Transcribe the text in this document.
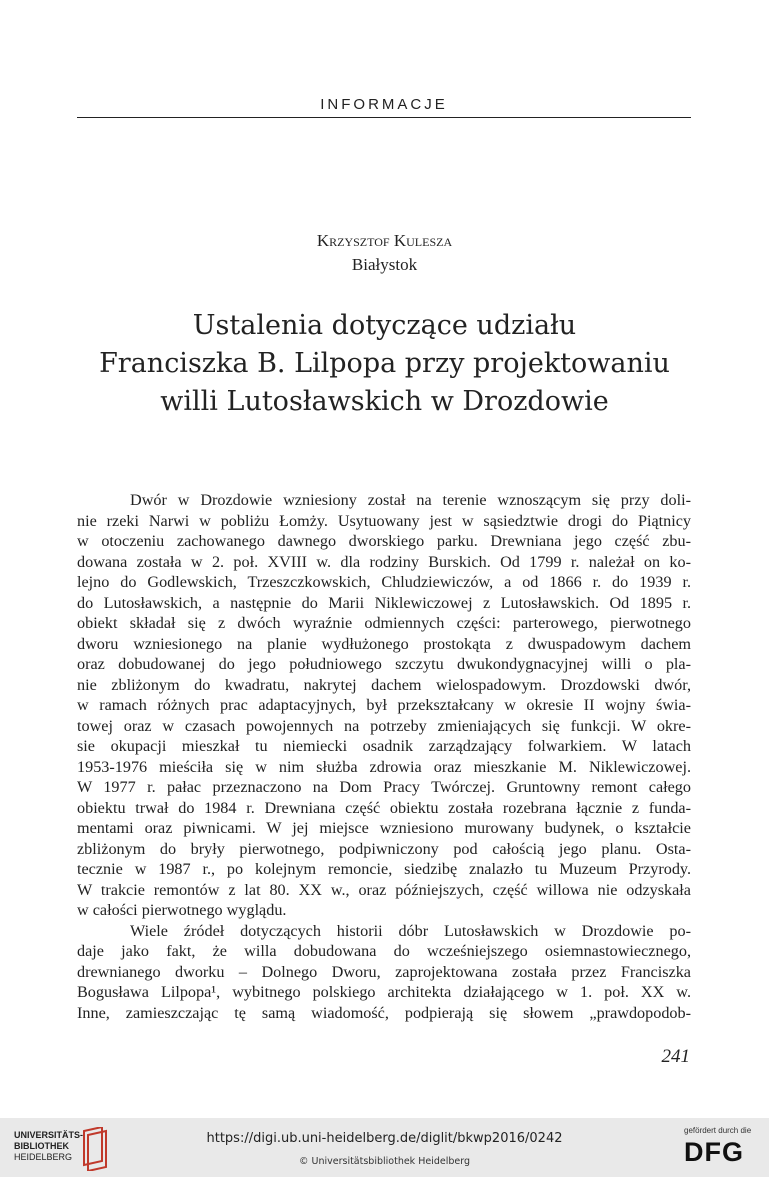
INFORMACJE
Krzysztof Kulesza
Białystok
Ustalenia dotyczące udziału
Franciszka B. Lilpopa przy projektowaniu
willi Lutosławskich w Drozdowie
Dwór w Drozdowie wzniesiony został na terenie wznoszącym się przy doli-
nie rzeki Narwi w pobliżu Łomży. Usytuowany jest w sąsiedztwie drogi do Piątnicy
w otoczeniu zachowanego dawnego dworskiego parku. Drewniana jego część zbu-
dowana została w 2. poł. XVIII w. dla rodziny Burskich. Od 1799 r. należał on ko-
lejno do Godlewskich, Trzeszczkowskich, Chludziewiczów, a od 1866 r. do 1939 r.
do Lutosławskich, a następnie do Marii Niklewiczowej z Lutosławskich. Od 1895 r.
obiekt składał się z dwóch wyraźnie odmiennych części: parterowego, pierwotnego
dworu wzniesionego na planie wydłużonego prostokąta z dwuspadowym dachem
oraz dobudowanej do jego południowego szczytu dwukondygnacyjnej willi o pla-
nie zbliżonym do kwadratu, nakrytej dachem wielospadowym. Drozdowski dwór,
w ramach różnych prac adaptacyjnych, był przekształcany w okresie II wojny świa-
towej oraz w czasach powojennych na potrzeby zmieniających się funkcji. W okre-
sie okupacji mieszkał tu niemiecki osadnik zarządzający folwarkiem. W latach
1953-1976 mieściła się w nim służba zdrowia oraz mieszkanie M. Niklewiczowej.
W 1977 r. pałac przeznaczono na Dom Pracy Twórczej. Gruntowny remont całego
obiektu trwał do 1984 r. Drewniana część obiektu została rozebrana łącznie z funda-
mentami oraz piwnicami. W jej miejsce wzniesiono murowany budynek, o kształcie
zbliżonym do bryły pierwotnego, podpiwniczony pod całością jego planu. Osta-
tecznie w 1987 r., po kolejnym remoncie, siedzibę znalazło tu Muzeum Przyrody.
W trakcie remontów z lat 80. XX w., oraz późniejszych, część willowa nie odzyskała
w całości pierwotnego wyglądu.
Wiele źródeł dotyczących historii dóbr Lutosławskich w Drozdowie po-
daje jako fakt, że willa dobudowana do wcześniejszego osiemnastowiecznego,
drewnianego dworku – Dolnego Dworu, zaprojektowana została przez Franciszka
Bogusława Lilpopa¹, wybitnego polskiego architekta działającego w 1. poł. XX w.
Inne, zamieszczając tę samą wiadomość, podpierają się słowem „prawdopodob-
241
UNIVERSITÄTS-
BIBLIOTHEK
HEIDELBERG
https://digi.ub.uni-heidelberg.de/diglit/bkwp2016/0242
© Universitätsbibliothek Heidelberg
gefördert durch die
DFG
